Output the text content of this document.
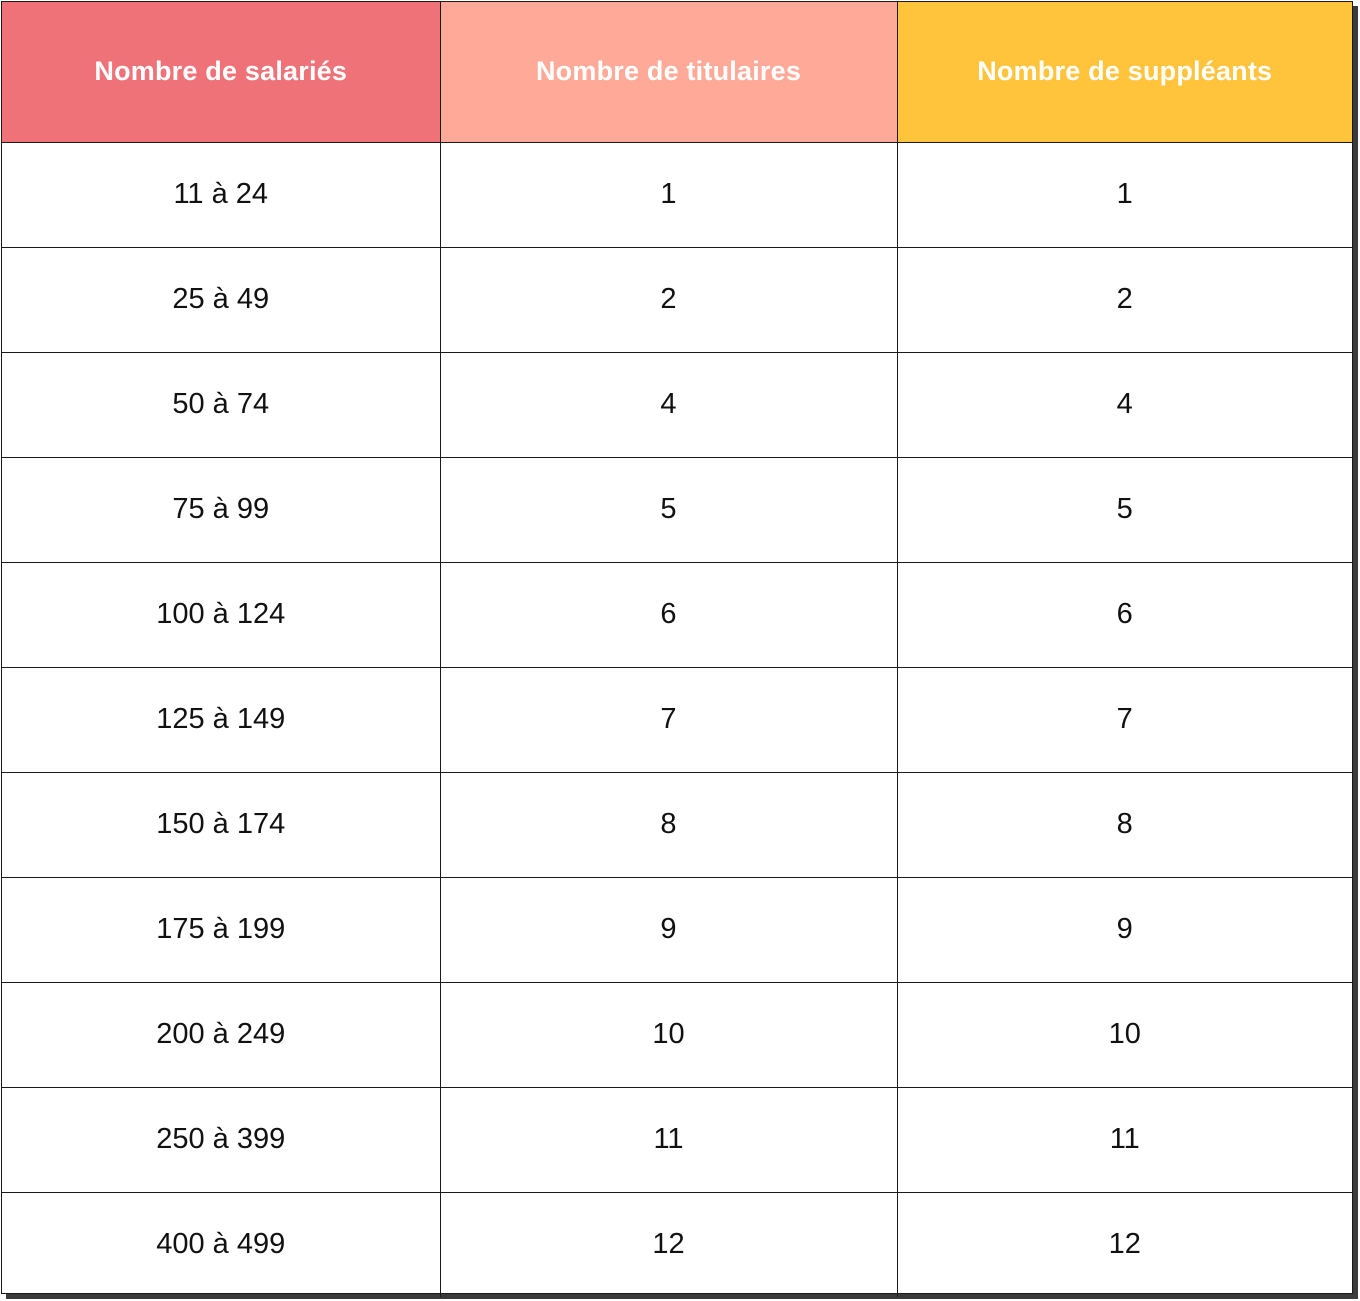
Nombre de salariés	Nombre de titulaires	Nombre de suppléants
11 à 24	1	1
25 à 49	2	2
50 à 74	4	4
75 à 99	5	5
100 à 124	6	6
125 à 149	7	7
150 à 174	8	8
175 à 199	9	9
200 à 249	10	10
250 à 399	11	11
400 à 499	12	12
